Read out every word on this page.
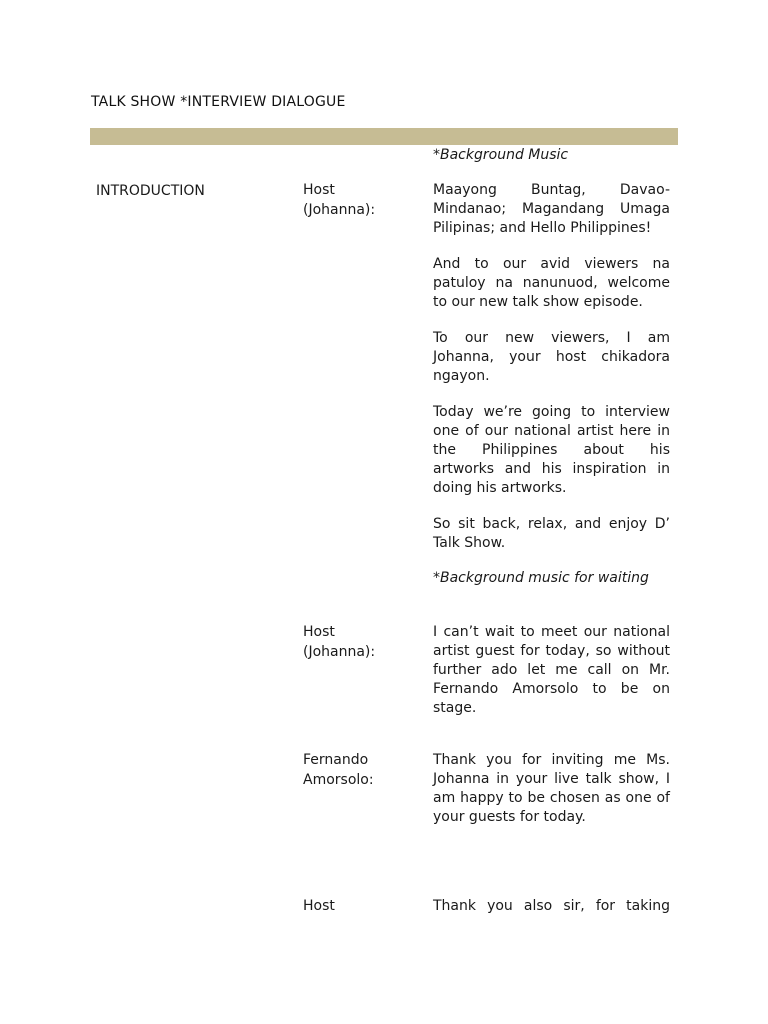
TALK SHOW *INTERVIEW DIALOGUE
*Background Music
INTRODUCTION	Host
(Johanna):
Maayong Buntag, Davao-Mindanao; Magandang Umaga Pilipinas; and Hello Philippines!
And to our avid viewers na patuloy na nanunuod, welcome to our new talk show episode.
To our new viewers, I am Johanna, your host chikadora ngayon.
Today we’re going to interview one of our national artist here in the Philippines about his artworks and his inspiration in doing his artworks.
So sit back, relax, and enjoy D’ Talk Show.
*Background music for waiting
Host
(Johanna):
I can’t wait to meet our national artist guest for today, so without further ado let me call on Mr. Fernando Amorsolo to be on stage.
Fernando
Amorsolo:
Thank you for inviting me Ms. Johanna in your live talk show, I am happy to be chosen as one of your guests for today.
Host	Thank you also sir, for taking
